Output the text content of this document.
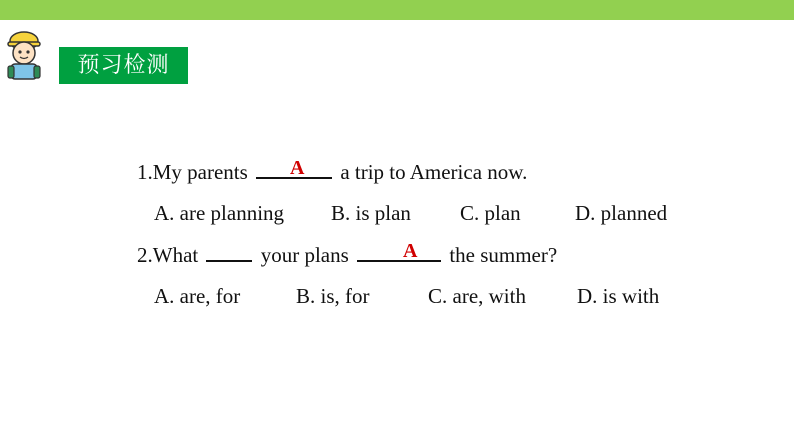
预习检测
1.My parents	a trip to America now.
A
A. are planning B. is plan C. plan	D. planned
2.What	your plans	the summer?
A
A. are, for	B. is, for	C. are, with D. is with
